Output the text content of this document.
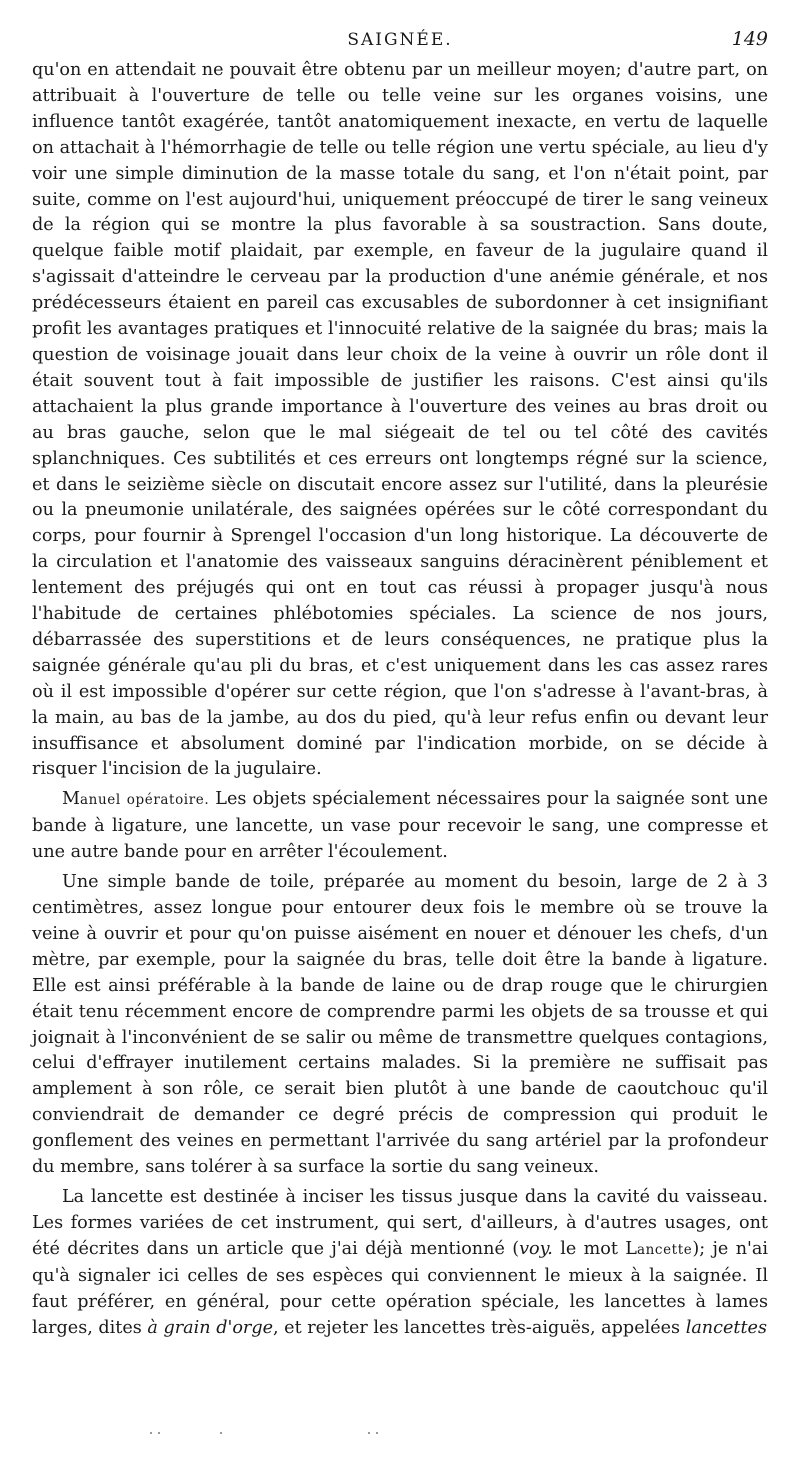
SAIGNÉE.	149

qu'on en attendait ne pouvait être obtenu par un meilleur moyen; d'autre part, on attribuait à l'ouverture de telle ou telle veine sur les organes voisins, une influence tantôt exagérée, tantôt anatomiquement inexacte, en vertu de laquelle on attachait à l'hémorrhagie de telle ou telle région une vertu spéciale, au lieu d'y voir une simple diminution de la masse totale du sang, et l'on n'était point, par suite, comme on l'est aujourd'hui, uniquement préoccupé de tirer le sang veineux de la région qui se montre la plus favorable à sa soustraction. Sans doute, quelque faible motif plaidait, par exemple, en faveur de la jugulaire quand il s'agissait d'atteindre le cerveau par la production d'une anémie générale, et nos prédécesseurs étaient en pareil cas excusables de subordonner à cet insignifiant profit les avantages pratiques et l'innocuité relative de la saignée du bras; mais la question de voisinage jouait dans leur choix de la veine à ouvrir un rôle dont il était souvent tout à fait impossible de justifier les raisons. C'est ainsi qu'ils attachaient la plus grande importance à l'ouverture des veines au bras droit ou au bras gauche, selon que le mal siégeait de tel ou tel côté des cavités splanchniques. Ces subtilités et ces erreurs ont longtemps régné sur la science, et dans le seizième siècle on discutait encore assez sur l'utilité, dans la pleurésie ou la pneumonie unilatérale, des saignées opérées sur le côté correspondant du corps, pour fournir à Sprengel l'occasion d'un long historique. La découverte de la circulation et l'anatomie des vaisseaux sanguins déracinèrent péniblement et lentement des préjugés qui ont en tout cas réussi à propager jusqu'à nous l'habitude de certaines phlébotomies spéciales. La science de nos jours, débarrassée des superstitions et de leurs conséquences, ne pratique plus la saignée générale qu'au pli du bras, et c'est uniquement dans les cas assez rares où il est impossible d'opérer sur cette région, que l'on s'adresse à l'avant-bras, à la main, au bas de la jambe, au dos du pied, qu'à leur refus enfin ou devant leur insuffisance et absolument dominé par l'indication morbide, on se décide à risquer l'incision de la jugulaire.

Manuel opératoire. Les objets spécialement nécessaires pour la saignée sont une bande à ligature, une lancette, un vase pour recevoir le sang, une compresse et une autre bande pour en arrêter l'écoulement.

Une simple bande de toile, préparée au moment du besoin, large de 2 à 3 centimètres, assez longue pour entourer deux fois le membre où se trouve la veine à ouvrir et pour qu'on puisse aisément en nouer et dénouer les chefs, d'un mètre, par exemple, pour la saignée du bras, telle doit être la bande à ligature. Elle est ainsi préférable à la bande de laine ou de drap rouge que le chirurgien était tenu récemment encore de comprendre parmi les objets de sa trousse et qui joignait à l'inconvénient de se salir ou même de transmettre quelques contagions, celui d'effrayer inutilement certains malades. Si la première ne suffisait pas amplement à son rôle, ce serait bien plutôt à une bande de caoutchouc qu'il conviendrait de demander ce degré précis de compression qui produit le gonflement des veines en permettant l'arrivée du sang artériel par la profondeur du membre, sans tolérer à sa surface la sortie du sang veineux.

La lancette est destinée à inciser les tissus jusque dans la cavité du vaisseau. Les formes variées de cet instrument, qui sert, d'ailleurs, à d'autres usages, ont été décrites dans un article que j'ai déjà mentionné (voy. le mot Lancette); je n'ai qu'à signaler ici celles de ses espèces qui conviennent le mieux à la saignée. Il faut préférer, en général, pour cette opération spéciale, les lancettes à lames larges, dites à grain d'orge, et rejeter les lancettes très-aiguës, appelées lancettes
